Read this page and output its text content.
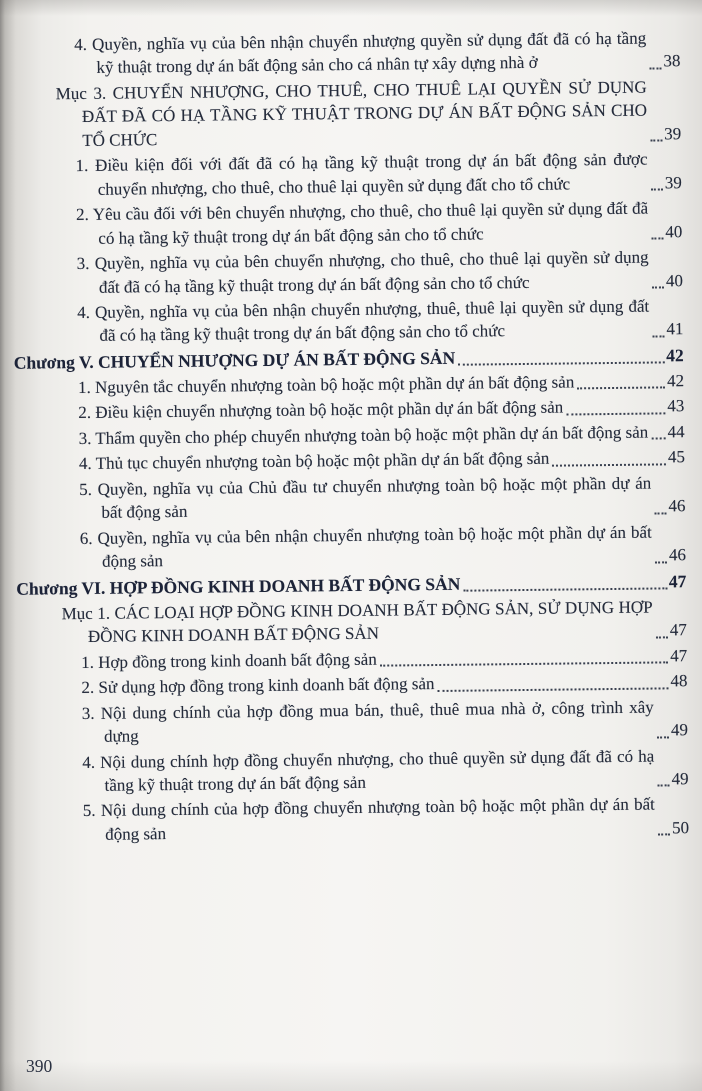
4. Quyền, nghĩa vụ của bên nhận chuyển nhượng quyền sử dụng đất đã có hạ tầng kỹ thuật trong dự án bất động sản cho cá nhân tự xây dựng nhà ở	38
Mục 3. CHUYỂN NHƯỢNG, CHO THUÊ, CHO THUÊ LẠI QUYỀN SỬ DỤNG ĐẤT ĐÃ CÓ HẠ TẦNG KỸ THUẬT TRONG DỰ ÁN BẤT ĐỘNG SẢN CHO TỔ CHỨC	39
1. Điều kiện đối với đất đã có hạ tầng kỹ thuật trong dự án bất động sản được chuyển nhượng, cho thuê, cho thuê lại quyền sử dụng đất cho tổ chức	39
2. Yêu cầu đối với bên chuyển nhượng, cho thuê, cho thuê lại quyền sử dụng đất đã có hạ tầng kỹ thuật trong dự án bất động sản cho tổ chức	40
3. Quyền, nghĩa vụ của bên chuyển nhượng, cho thuê, cho thuê lại quyền sử dụng đất đã có hạ tầng kỹ thuật trong dự án bất động sản cho tổ chức	40
4. Quyền, nghĩa vụ của bên nhận chuyển nhượng, thuê, thuê lại quyền sử dụng đất đã có hạ tầng kỹ thuật trong dự án bất động sản cho tổ chức	41
Chương V. CHUYỂN NHƯỢNG DỰ ÁN BẤT ĐỘNG SẢN	42
1. Nguyên tắc chuyển nhượng toàn bộ hoặc một phần dự án bất động sản	42
2. Điều kiện chuyển nhượng toàn bộ hoặc một phần dự án bất động sản	43
3. Thẩm quyền cho phép chuyển nhượng toàn bộ hoặc một phần dự án bất động sản 44
4. Thủ tục chuyển nhượng toàn bộ hoặc một phần dự án bất động sản	45
5. Quyền, nghĩa vụ của Chủ đầu tư chuyển nhượng toàn bộ hoặc một phần dự án bất động sản	46
6. Quyền, nghĩa vụ của bên nhận chuyển nhượng toàn bộ hoặc một phần dự án bất động sản	46
Chương VI. HỢP ĐỒNG KINH DOANH BẤT ĐỘNG SẢN	47
Mục 1. CÁC LOẠI HỢP ĐỒNG KINH DOANH BẤT ĐỘNG SẢN, SỬ DỤNG HỢP ĐỒNG KINH DOANH BẤT ĐỘNG SẢN	47
1. Hợp đồng trong kinh doanh bất động sản	47
2. Sử dụng hợp đồng trong kinh doanh bất động sản	48
3. Nội dung chính của hợp đồng mua bán, thuê, thuê mua nhà ở, công trình xây dựng	49
4. Nội dung chính hợp đồng chuyển nhượng, cho thuê quyền sử dụng đất đã có hạ tầng kỹ thuật trong dự án bất động sản	49
5. Nội dung chính của hợp đồng chuyển nhượng toàn bộ hoặc một phần dự án bất động sản	50
390
